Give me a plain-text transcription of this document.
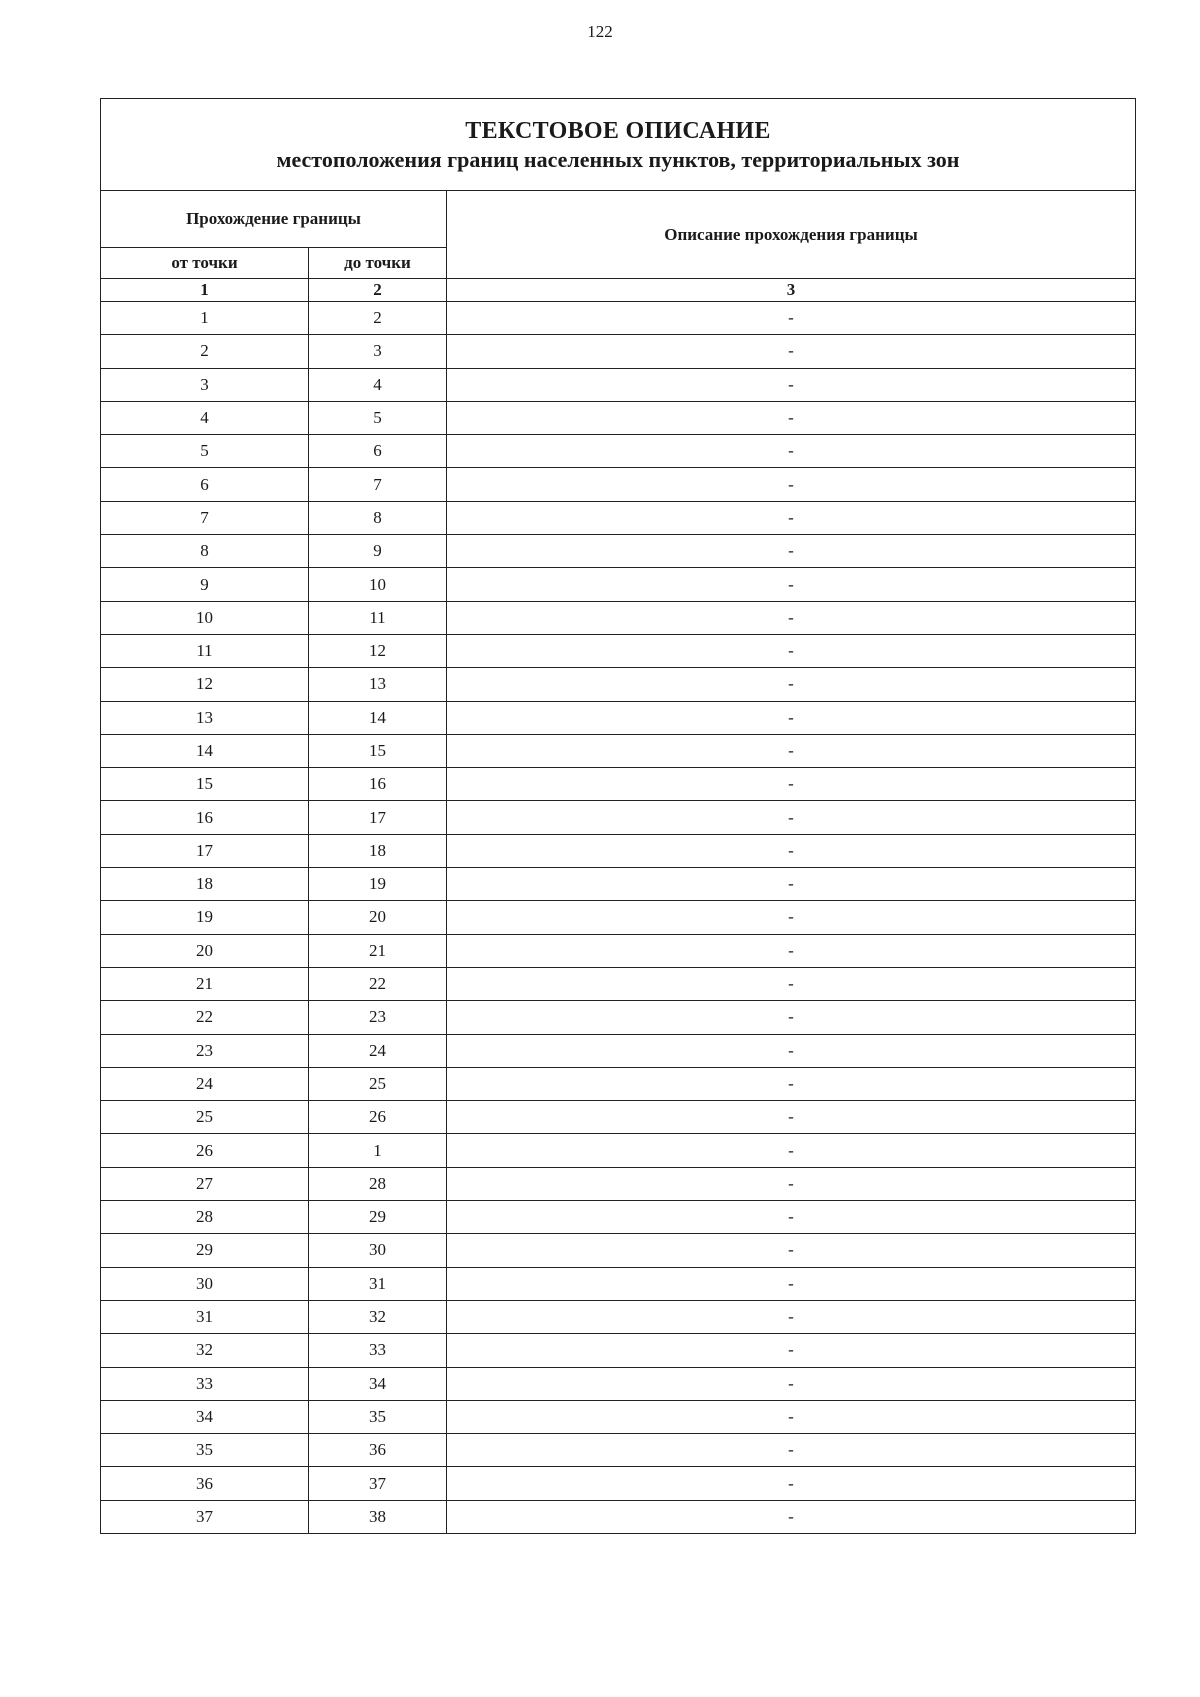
122
ТЕКСТОВОЕ ОПИСАНИЕ
местоположения границ населенных пунктов, территориальных зон		

Прохождение границы		Описание прохождения границы
от точки	до точки	
1	2	3
1	2	-
2	3	-
3	4	-
4	5	-
5	6	-
6	7	-
7	8	-
8	9	-
9	10	-
10	11	-
11	12	-
12	13	-
13	14	-
14	15	-
15	16	-
16	17	-
17	18	-
18	19	-
19	20	-
20	21	-
21	22	-
22	23	-
23	24	-
24	25	-
25	26	-
26	1	-
27	28	-
28	29	-
29	30	-
30	31	-
31	32	-
32	33	-
33	34	-
34	35	-
35	36	-
36	37	-
37	38	-
